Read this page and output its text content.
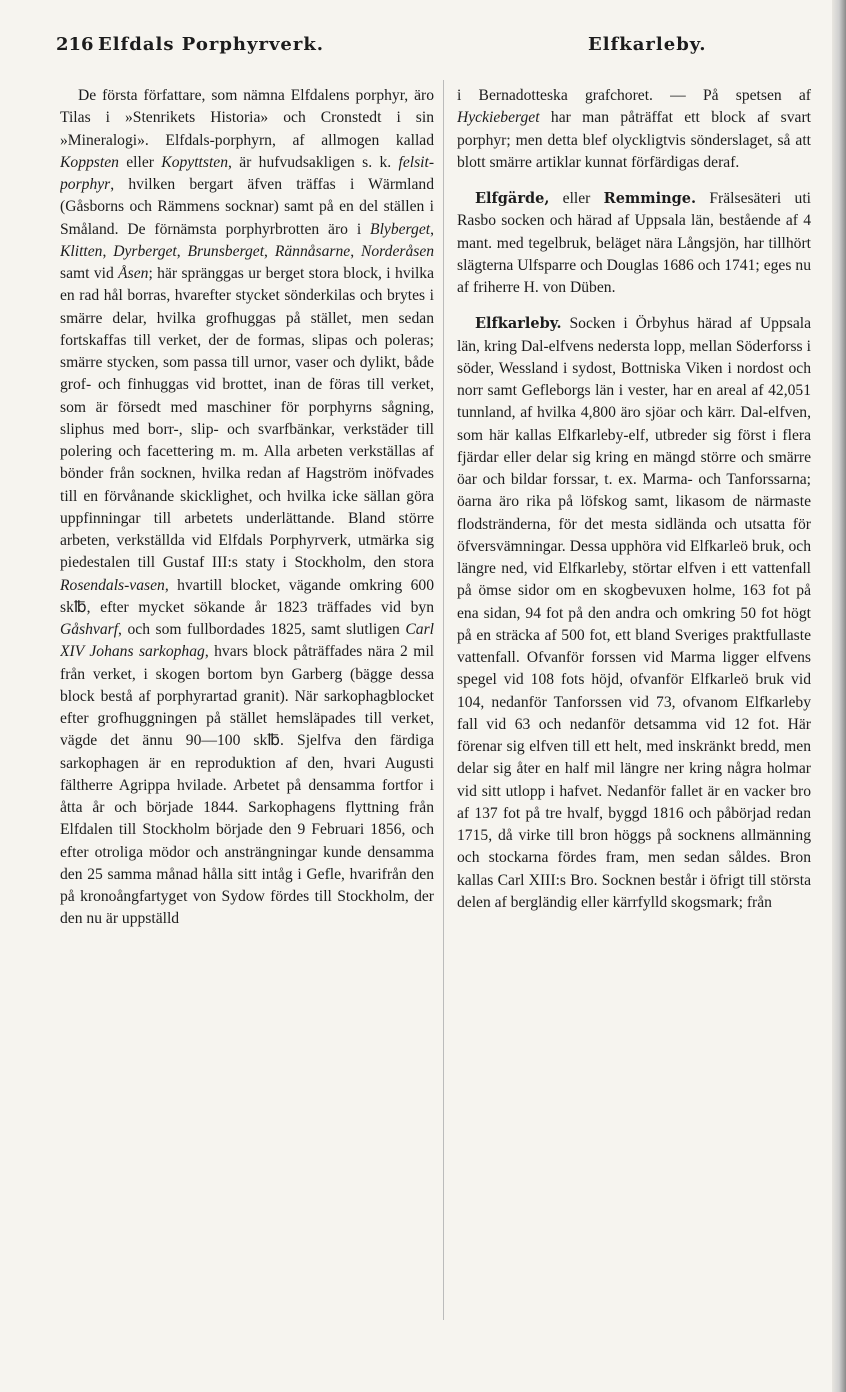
216 Elfdals Porphyrverk.	Elfkarleby.

De första författare, som nämna Elfdalens porphyr, äro Tilas i »Stenrikets Historia» och Cronstedt i sin »Mineralogi». Elfdals-porphyrn, af allmogen kallad Koppsten eller Kopyttsten, är hufvudsakligen s. k. felsit-porphyr, hvilken bergart äfven träffas i Wärmland (Gåsborns och Rämmens socknar) samt på en del ställen i Småland. De förnämsta porphyrbrotten äro i Blyberget, Klitten, Dyrberget, Brunsberget, Rännåsarne, Norderåsen samt vid Åsen; här spränggas ur berget stora block, i hvilka en rad hål borras, hvarefter stycket sönderkilas och brytes i smärre delar, hvilka grofhuggas på stället, men sedan fortskaffas till verket, der de formas, slipas och poleras; smärre stycken, som passa till urnor, vaser och dylikt, både grof- och finhuggas vid brottet, inan de föras till verket, som är försedt med maschiner för porphyrns sågning, sliphus med borr-, slip- och svarfbänkar, verkstäder till polering och facettering m. m. Alla arbeten verkställas af bönder från socknen, hvilka redan af Hagström inöfvades till en förvånande skicklighet, och hvilka icke sällan göra uppfinningar till arbetets underlättande. Bland större arbeten, verkställda vid Elfdals Porphyrverk, utmärka sig piedestalen till Gustaf III:s staty i Stockholm, den stora Rosendals-vasen, hvartill blocket, vägande omkring 600 sk℔, efter mycket sökande år 1823 träffades vid byn Gåshvarf, och som fullbordades 1825, samt slutligen Carl XIV Johans sarkophag, hvars block påträffades nära 2 mil från verket, i skogen bortom byn Garberg (bägge dessa block bestå af porphyrartad granit). När sarkophagblocket efter grofhuggningen på stället hemsläpades till verket, vägde det ännu 90—100 sk℔. Sjelfva den färdiga sarkophagen är en reproduktion af den, hvari Augusti fältherre Agrippa hvilade. Arbetet på densamma fortfor i åtta år och började 1844. Sarkophagens flyttning från Elfdalen till Stockholm började den 9 Februari 1856, och efter otroliga mödor och ansträngningar kunde densamma den 25 samma månad hålla sitt intåg i Gefle, hvarifrån den på kronoångfartyget von Sydow fördes till Stockholm, der den nu är uppställd

i Bernadotteska grafchoret. — På spetsen af Hyckieberget har man påträffat ett block af svart porphyr; men detta blef olyckligtvis sönderslaget, så att blott smärre artiklar kunnat förfärdigas deraf.

Elfgärde, eller Remminge. Frälsesäteri uti Rasbo socken och härad af Uppsala län, bestående af 4 mant. med tegelbruk, beläget nära Långsjön, har tillhört slägterna Ulfsparre och Douglas 1686 och 1741; eges nu af friherre H. von Düben.

Elfkarleby. Socken i Örbyhus härad af Uppsala län, kring Dal-elfvens nedersta lopp, mellan Söderforss i söder, Wessland i sydost, Bottniska Viken i nordost och norr samt Gefleborgs län i vester, har en areal af 42,051 tunnland, af hvilka 4,800 äro sjöar och kärr. Dal-elfven, som här kallas Elfkarleby-elf, utbreder sig först i flera fjärdar eller delar sig kring en mängd större och smärre öar och bildar forssar, t. ex. Marma- och Tanforssarna; öarna äro rika på löfskog samt, likasom de närmaste flodstränderna, för det mesta sidländа och utsatta för öfversvämningar. Dessa upphöra vid Elfkarleö bruk, och längre ned, vid Elfkarleby, störtar elfven i ett vattenfall på ömse sidor om en skogbevuxen holme, 163 fot på ena sidan, 94 fot på den andra och omkring 50 fot högt på en sträcka af 500 fot, ett bland Sveriges praktfullaste vattenfall. Ofvanför forssen vid Marma ligger elfvens spegel vid 108 fots höjd, ofvanför Elfkarleö bruk vid 104, nedanför Tanforssen vid 73, ofvanom Elfkarleby fall vid 63 och nedanför detsamma vid 12 fot. Här förenar sig elfven till ett helt, med inskränkt bredd, men delar sig åter en half mil längre ner kring några holmar vid sitt utlopp i hafvet. Nedanför fallet är en vacker bro af 137 fot på tre hvalf, byggd 1816 och påbörjad redan 1715, då virke till bron höggs på socknens allmänning och stockarna fördes fram, men sedan såldes. Bron kallas Carl XIII:s Bro. Socknen består i öfrigt till största delen af bergländig eller kärrfylld skogsmark; från
